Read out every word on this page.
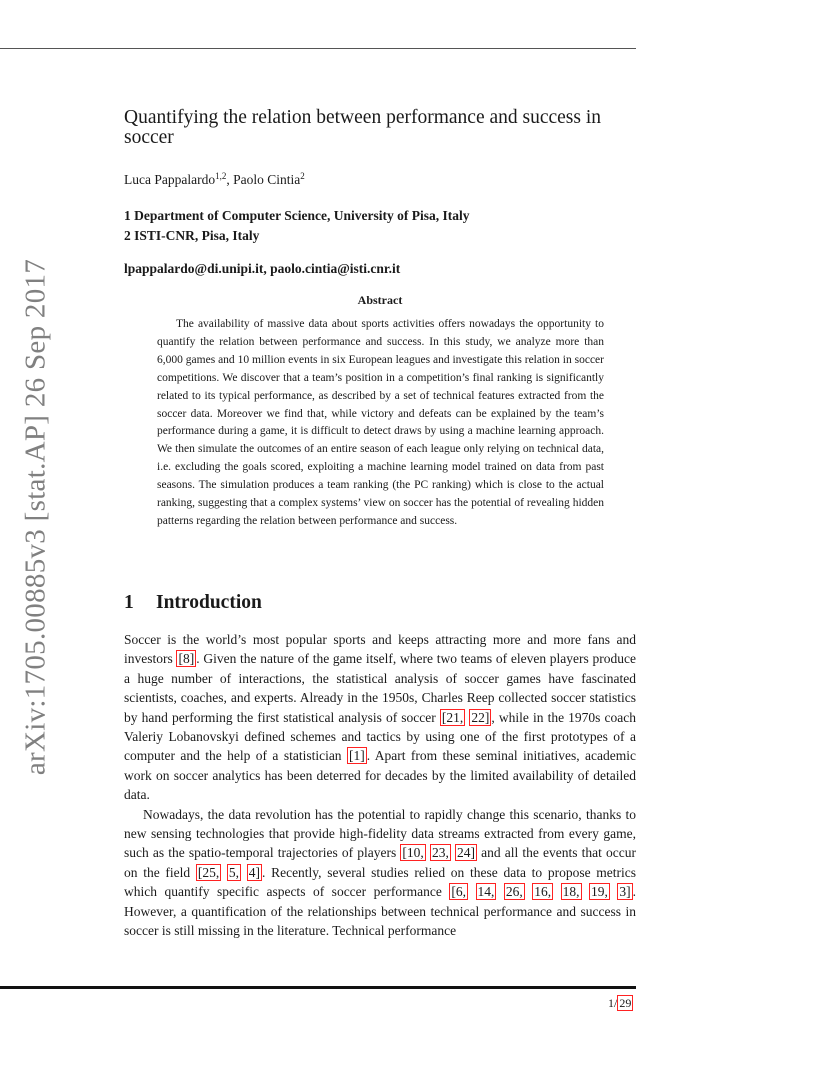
arXiv:1705.00885v3 [stat.AP] 26 Sep 2017
Quantifying the relation between performance and success in soccer
Luca Pappalardo$^{1,2}$, Paolo Cintia$^2$
1 Department of Computer Science, University of Pisa, Italy
2 ISTI-CNR, Pisa, Italy
lpappalardo@di.unipi.it, paolo.cintia@isti.cnr.it
Abstract

The availability of massive data about sports activities offers nowadays the opportunity to quantify the relation between performance and success. In this study, we analyze more than 6,000 games and 10 million events in six European leagues and investigate this relation in soccer competitions. We discover that a team’s position in a competition’s final ranking is significantly related to its typical performance, as described by a set of technical features extracted from the soccer data. Moreover we find that, while victory and defeats can be explained by the team’s performance during a game, it is difficult to detect draws by using a machine learning approach. We then simulate the outcomes of an entire season of each league only relying on technical data, i.e. excluding the goals scored, exploiting a machine learning model trained on data from past seasons. The simulation produces a team ranking (the PC ranking) which is close to the actual ranking, suggesting that a complex systems’ view on soccer has the potential of revealing hidden patterns regarding the relation between performance and success.

1 Introduction

Soccer is the world’s most popular sports and keeps attracting more and more fans and investors [8] . Given the nature of the game itself, where two teams of eleven players produce a huge number of interactions, the statistical analysis of soccer games have fascinated scientists, coaches, and experts. Already in the 1950s, Charles Reep collected soccer statistics by hand performing the first statistical analysis of soccer [21, 22] , while in the 1970s coach Valeriy Lobanovskyi defined schemes and tactics by using one of the first prototypes of a computer and the help of a statistician [1] . Apart from these seminal initiatives, academic work on soccer analytics has been deterred for decades by the limited availability of detailed data.

Nowadays, the data revolution has the potential to rapidly change this scenario, thanks to new sensing technologies that provide high-fidelity data streams extracted from every game, such as the spatio-temporal trajectories of players [10, 23, 24] and all the events that occur on the field [25, 5, 4] . Recently, several studies relied on these data to propose metrics which quantify specific aspects of soccer performance [6, 14, 26, 16, 18, 19, 3] . However, a quantification of the relationships between technical performance and success in soccer is still missing in the literature. Technical performance

1/ 29
